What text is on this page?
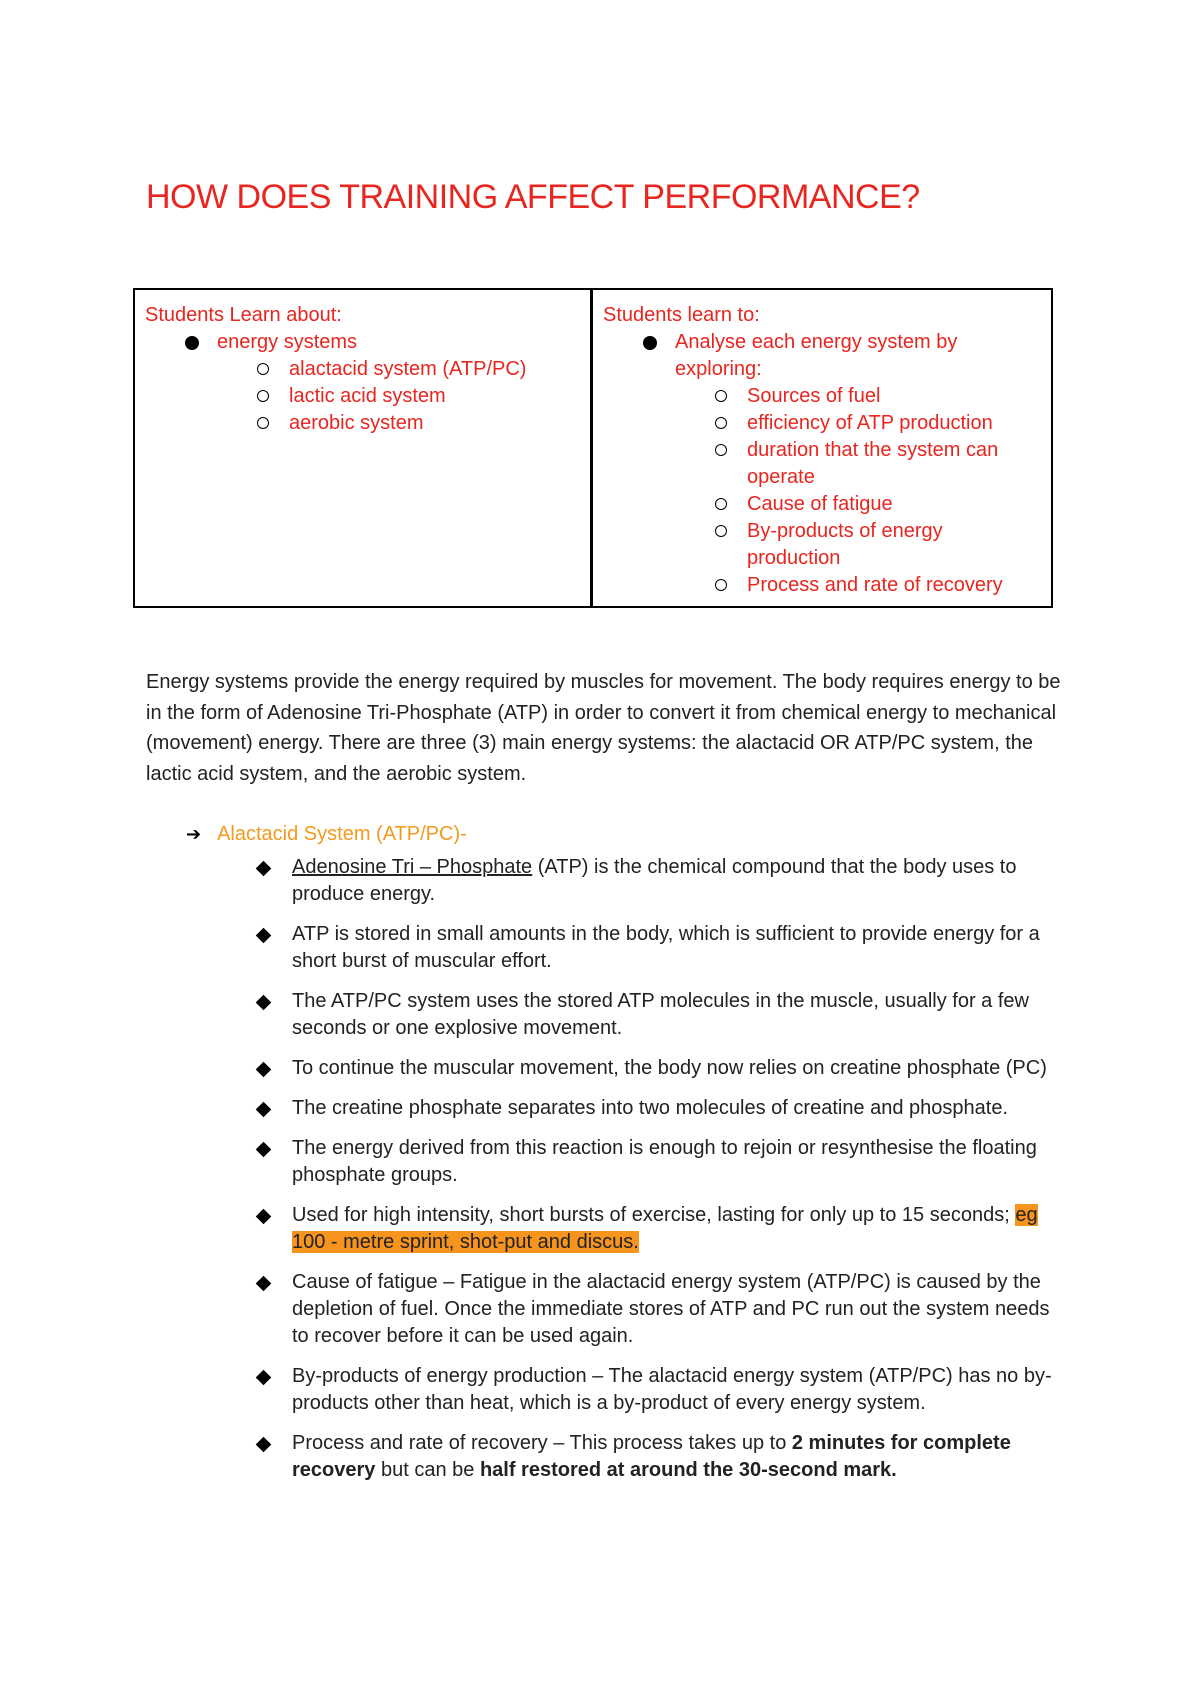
HOW DOES TRAINING AFFECT PERFORMANCE?
Students Learn about:
energy systems
alactacid system (ATP/PC)
lactic acid system
aerobic system
Students learn to:
Analyse each energy system by exploring:
Sources of fuel
efficiency of ATP production
duration that the system can operate
Cause of fatigue
By-products of energy production
Process and rate of recovery

Energy systems provide the energy required by muscles for movement. The body requires energy to be in the form of Adenosine Tri-Phosphate (ATP) in order to convert it from chemical energy to mechanical (movement) energy. There are three (3) main energy systems: the alactacid OR ATP/PC system, the lactic acid system, and the aerobic system.

➔ Alactacid System (ATP/PC)-
Adenosine Tri – Phosphate (ATP) is the chemical compound that the body uses to produce energy.
ATP is stored in small amounts in the body, which is sufficient to provide energy for a short burst of muscular effort.
The ATP/PC system uses the stored ATP molecules in the muscle, usually for a few seconds or one explosive movement.
To continue the muscular movement, the body now relies on creatine phosphate (PC)
The creatine phosphate separates into two molecules of creatine and phosphate.
The energy derived from this reaction is enough to rejoin or resynthesise the floating phosphate groups.
Used for high intensity, short bursts of exercise, lasting for only up to 15 seconds; eg 100 - metre sprint, shot-put and discus.
Cause of fatigue – Fatigue in the alactacid energy system (ATP/PC) is caused by the depletion of fuel. Once the immediate stores of ATP and PC run out the system needs to recover before it can be used again.
By-products of energy production – The alactacid energy system (ATP/PC) has no by-products other than heat, which is a by-product of every energy system.
Process and rate of recovery – This process takes up to 2 minutes for complete recovery but can be half restored at around the 30-second mark.
